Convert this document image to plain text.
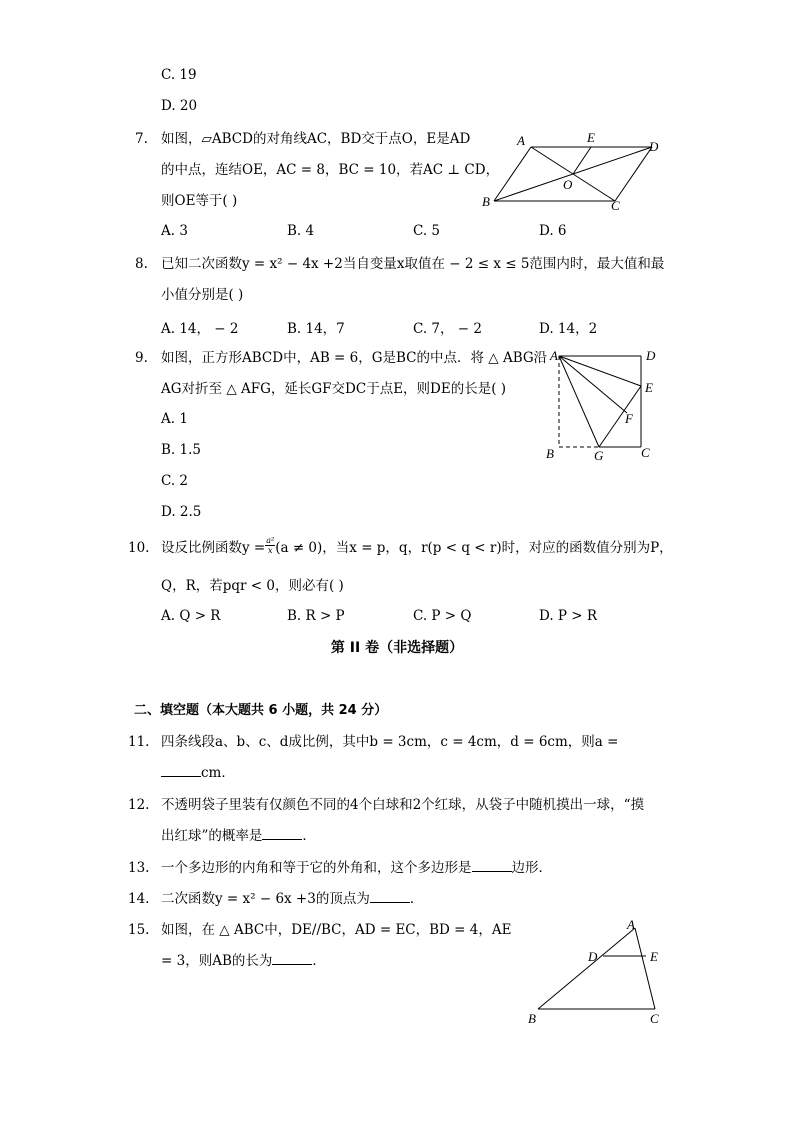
C. 19
D. 20
7. 如图，▱ABCD的对角线AC，BD交于点O，E是AD
的中点，连结OE，AC = 8，BC = 10，若AC ⊥ CD，
则OE等于( )
A. 3	B. 4	C. 5	D. 6
A	E
D
O
B	C
8. 已知二次函数y = x² − 4x +2当自变量x取值在 − 2 ≤ x ≤ 5范围内时，最大值和最
小值分别是( )
A. 14， − 2	B. 14，7	C. 7， − 2	D. 14，2
9. 如图，正方形ABCD中，AB = 6，G是BC的中点．将 △ ABG沿
AG对折至 △ AFG，延长GF交DC于点E，则DE的长是( )
A. 1
B. 1.5
C. 2
D. 2.5
A	D
E
F
B	G	C
10. 设反比例函数$y = \frac{\text{a²}}{x} (a \ne 0)$，当x = p，q，r(p < q < r)时，对应的函数值分别为P，
Q，R，若pqr < 0，则必有( )
A. Q > R	B. R > P	C. P > Q	D. P > R
第 II 卷（非选择题）
二、填空题（本大题共 6 小题，共 24 分）
11. 四条线段a、b、c、d成比例，其中b = 3cm，c = 4cm，d = 6cm，则a =
cm．
12. 不透明袋子里装有仅颜色不同的4个白球和2个红球，从袋子中随机摸出一球，“摸
出红球”的概率是	．
13. 一个多边形的内角和等于它的外角和，这个多边形是	边形．
14. 二次函数y = x² − 6x +3的顶点为	．
15. 如图，在 △ ABC中，DE//BC，AD = EC，BD = 4，AE
= 3，则AB的长为	．
A
D	E
B	C
